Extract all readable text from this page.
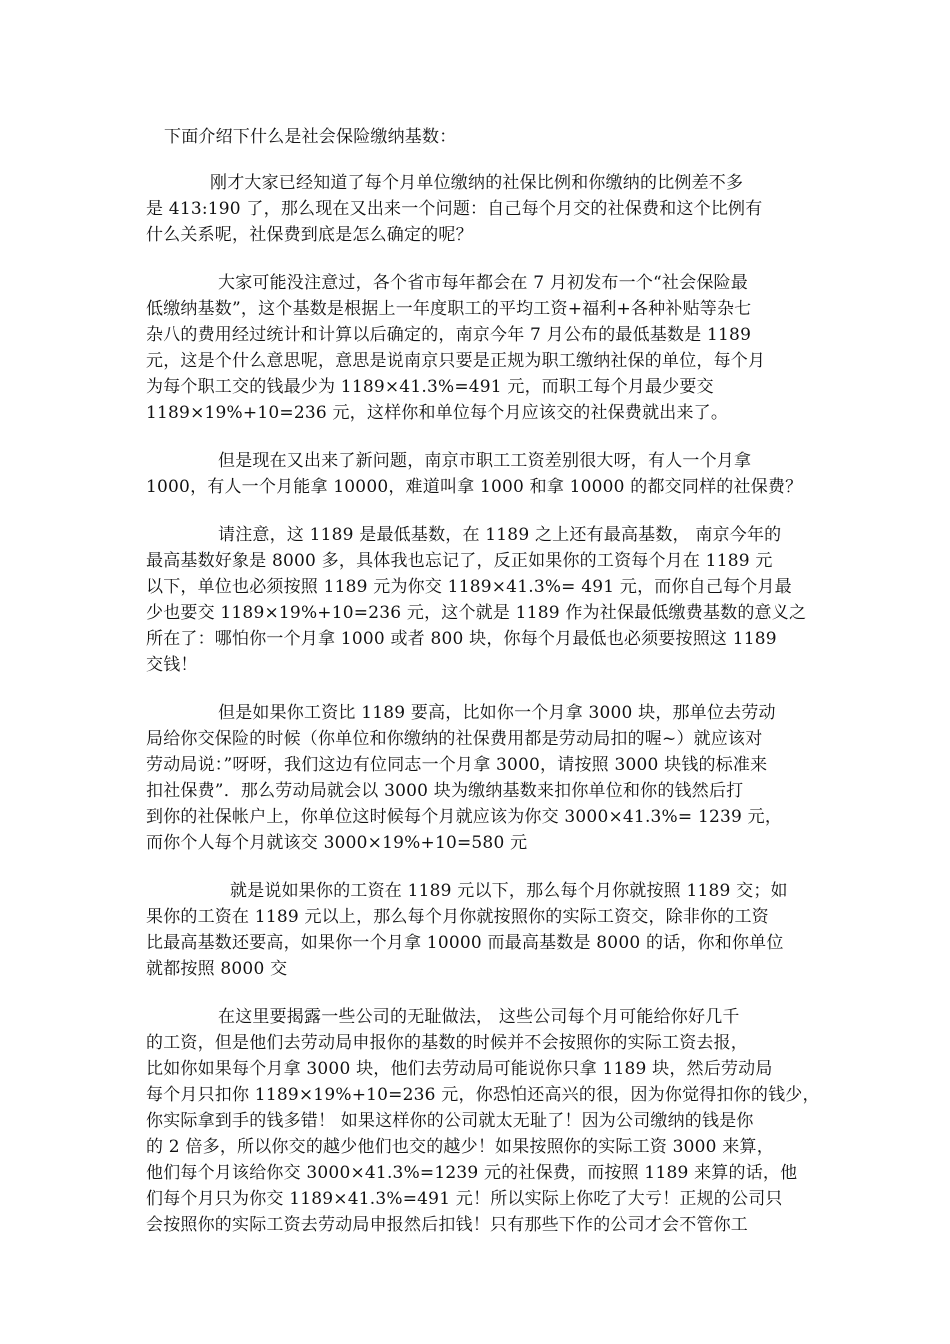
下面介绍下什么是社会保险缴纳基数：
刚才大家已经知道了每个月单位缴纳的社保比例和你缴纳的比例差不多
是 413:190 了，那么现在又出来一个问题：自己每个月交的社保费和这个比例有
什么关系呢，社保费到底是怎么确定的呢？
大家可能没注意过，各个省市每年都会在 7 月初发布一个“社会保险最
低缴纳基数”，这个基数是根据上一年度职工的平均工资+福利+各种补贴等杂七
杂八的费用经过统计和计算以后确定的，南京今年 7 月公布的最低基数是 1189
元，这是个什么意思呢，意思是说南京只要是正规为职工缴纳社保的单位，每个月
为每个职工交的钱最少为 1189×41.3%=491 元，而职工每个月最少要交
1189×19%+10=236 元，这样你和单位每个月应该交的社保费就出来了。
但是现在又出来了新问题，南京市职工工资差别很大呀，有人一个月拿
1000，有人一个月能拿 10000，难道叫拿 1000 和拿 10000 的都交同样的社保费？
请注意，这 1189 是最低基数，在 1189 之上还有最高基数， 南京今年的
最高基数好象是 8000 多，具体我也忘记了，反正如果你的工资每个月在 1189 元
以下，单位也必须按照 1189 元为你交 1189×41.3%= 491 元，而你自己每个月最
少也要交 1189×19%+10=236 元，这个就是 1189 作为社保最低缴费基数的意义之
所在了：哪怕你一个月拿 1000 或者 800 块，你每个月最低也必须要按照这 1189
交钱！
但是如果你工资比 1189 要高，比如你一个月拿 3000 块，那单位去劳动
局给你交保险的时候（你单位和你缴纳的社保费用都是劳动局扣的喔~）就应该对
劳动局说：”呀呀，我们这边有位同志一个月拿 3000，请按照 3000 块钱的标准来
扣社保费”．那么劳动局就会以 3000 块为缴纳基数来扣你单位和你的钱然后打
到你的社保帐户上，你单位这时候每个月就应该为你交 3000×41.3%= 1239 元，
而你个人每个月就该交 3000×19%+10=580 元
就是说如果你的工资在 1189 元以下，那么每个月你就按照 1189 交；如
果你的工资在 1189 元以上，那么每个月你就按照你的实际工资交，除非你的工资
比最高基数还要高，如果你一个月拿 10000 而最高基数是 8000 的话，你和你单位
就都按照 8000 交
在这里要揭露一些公司的无耻做法， 这些公司每个月可能给你好几千
的工资，但是他们去劳动局申报你的基数的时候并不会按照你的实际工资去报，
比如你如果每个月拿 3000 块，他们去劳动局可能说你只拿 1189 块，然后劳动局
每个月只扣你 1189×19%+10=236 元，你恐怕还高兴的很，因为你觉得扣你的钱少，
你实际拿到手的钱多错！ 如果这样你的公司就太无耻了！因为公司缴纳的钱是你
的 2 倍多，所以你交的越少他们也交的越少！如果按照你的实际工资 3000 来算，
他们每个月该给你交 3000×41.3%=1239 元的社保费，而按照 1189 来算的话，他
们每个月只为你交 1189×41.3%=491 元！所以实际上你吃了大亏！正规的公司只
会按照你的实际工资去劳动局申报然后扣钱！只有那些下作的公司才会不管你工
